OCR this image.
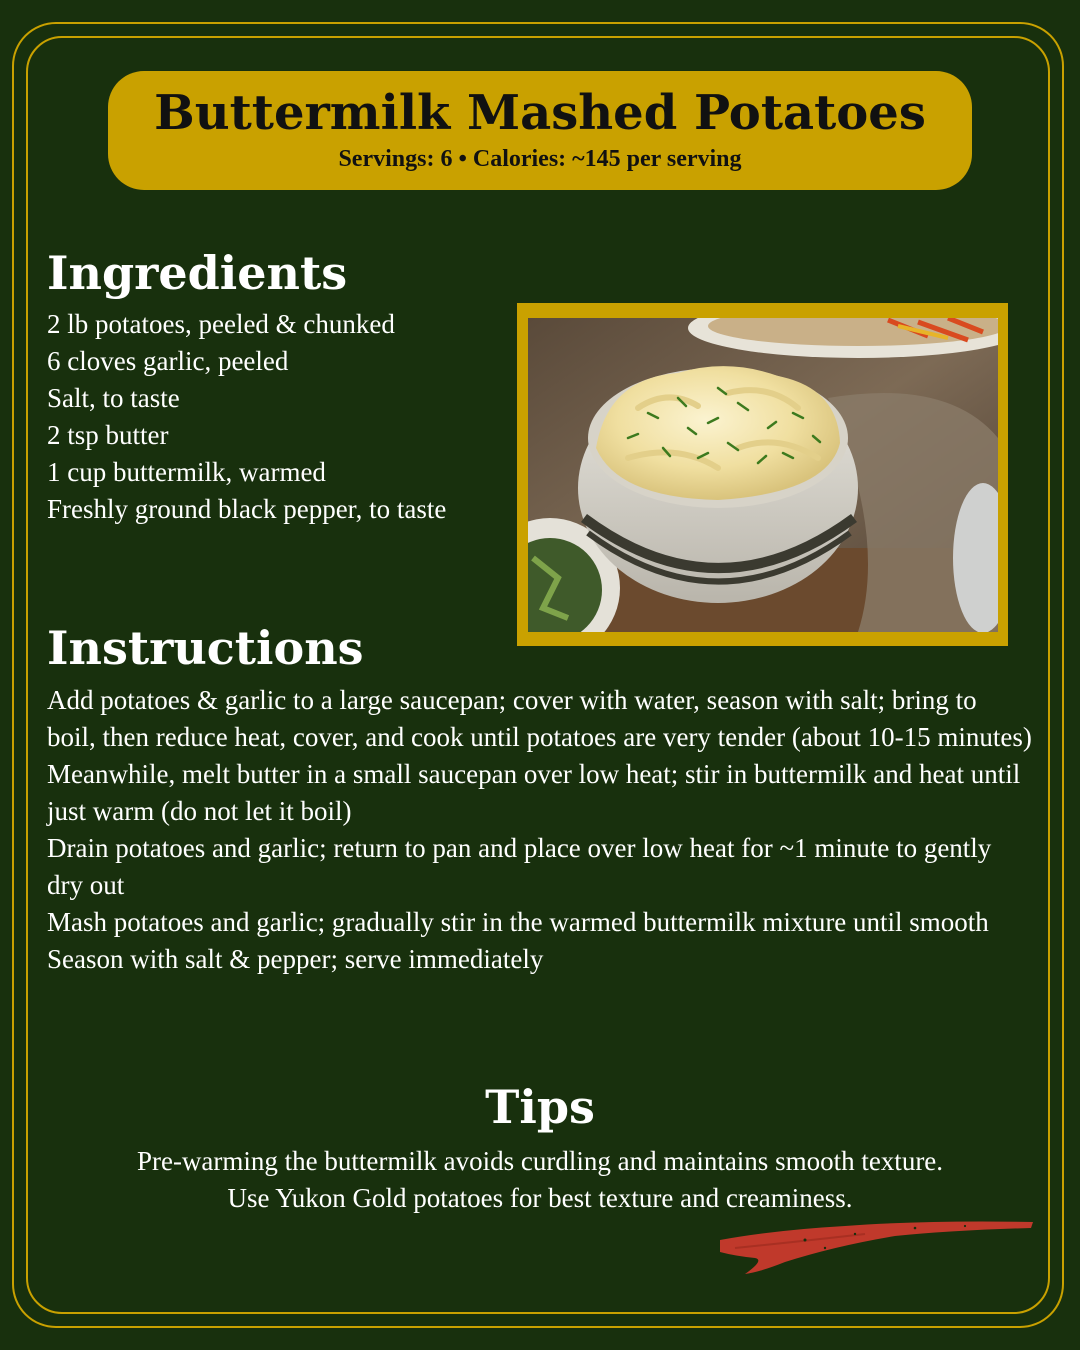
Buttermilk Mashed Potatoes
Servings: 6 • Calories: ~145 per serving
Ingredients
2 lb potatoes, peeled & chunked
6 cloves garlic, peeled
Salt, to taste
2 tsp butter
1 cup buttermilk, warmed
Freshly ground black pepper, to taste
Instructions
Add potatoes & garlic to a large saucepan; cover with water, season with salt; bring to boil, then reduce heat, cover, and cook until potatoes are very tender (about 10-15 minutes)
Meanwhile, melt butter in a small saucepan over low heat; stir in buttermilk and heat until just warm (do not let it boil)
Drain potatoes and garlic; return to pan and place over low heat for ~1 minute to gently dry out
Mash potatoes and garlic; gradually stir in the warmed buttermilk mixture until smooth
Season with salt & pepper; serve immediately
Tips
Pre-warming the buttermilk avoids curdling and maintains smooth texture.
Use Yukon Gold potatoes for best texture and creaminess.
